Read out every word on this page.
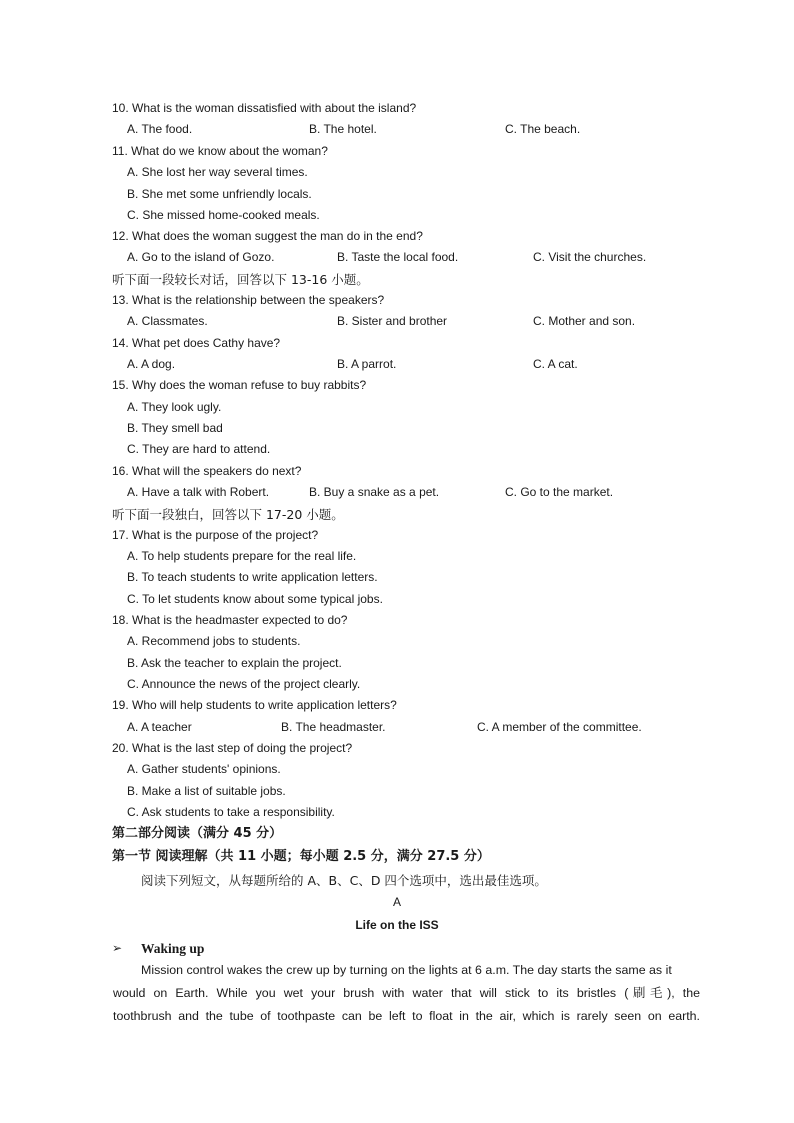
10. What is the woman dissatisfied with about the island?
A. The food.	B. The hotel.	C. The beach.
11. What do we know about the woman?
A. She lost her way several times.
B. She met some unfriendly locals.
C. She missed home-cooked meals.
12. What does the woman suggest the man do in the end?
A. Go to the island of Gozo.	B. Taste the local food.	C. Visit the churches.
听下面一段较长对话，回答以下 13-16 小题。
13. What is the relationship between the speakers?
A. Classmates.	B. Sister and brother	C. Mother and son.
14. What pet does Cathy have?
A. A dog.	B. A parrot.	C. A cat.
15. Why does the woman refuse to buy rabbits?
A. They look ugly.
B. They smell bad
C. They are hard to attend.
16. What will the speakers do next?
A. Have a talk with Robert.	B. Buy a snake as a pet.	C. Go to the market.
听下面一段独白，回答以下 17-20 小题。
17. What is the purpose of the project?
A. To help students prepare for the real life.
B. To teach students to write application letters.
C. To let students know about some typical jobs.
18. What is the headmaster expected to do?
A. Recommend jobs to students.
B. Ask the teacher to explain the project.
C. Announce the news of the project clearly.
19. Who will help students to write application letters?
A. A teacher	B. The headmaster.	C. A member of the committee.
20. What is the last step of doing the project?
A. Gather students' opinions.
B. Make a list of suitable jobs.
C. Ask students to take a responsibility.
第二部分阅读（满分 45 分）
第一节 阅读理解（共 11 小题；每小题 2.5 分，满分 27.5 分）
阅读下列短文，从每题所给的 A、B、C、D 四个选项中，选出最佳选项。
A
Life on the ISS
➢ Waking up
Mission control wakes the crew up by turning on the lights at 6 a.m. The day starts the same as it
would on Earth. While you wet your brush with water that will stick to its bristles (刷毛), the
toothbrush and the tube of toothpaste can be left to float in the air, which is rarely seen on earth.
